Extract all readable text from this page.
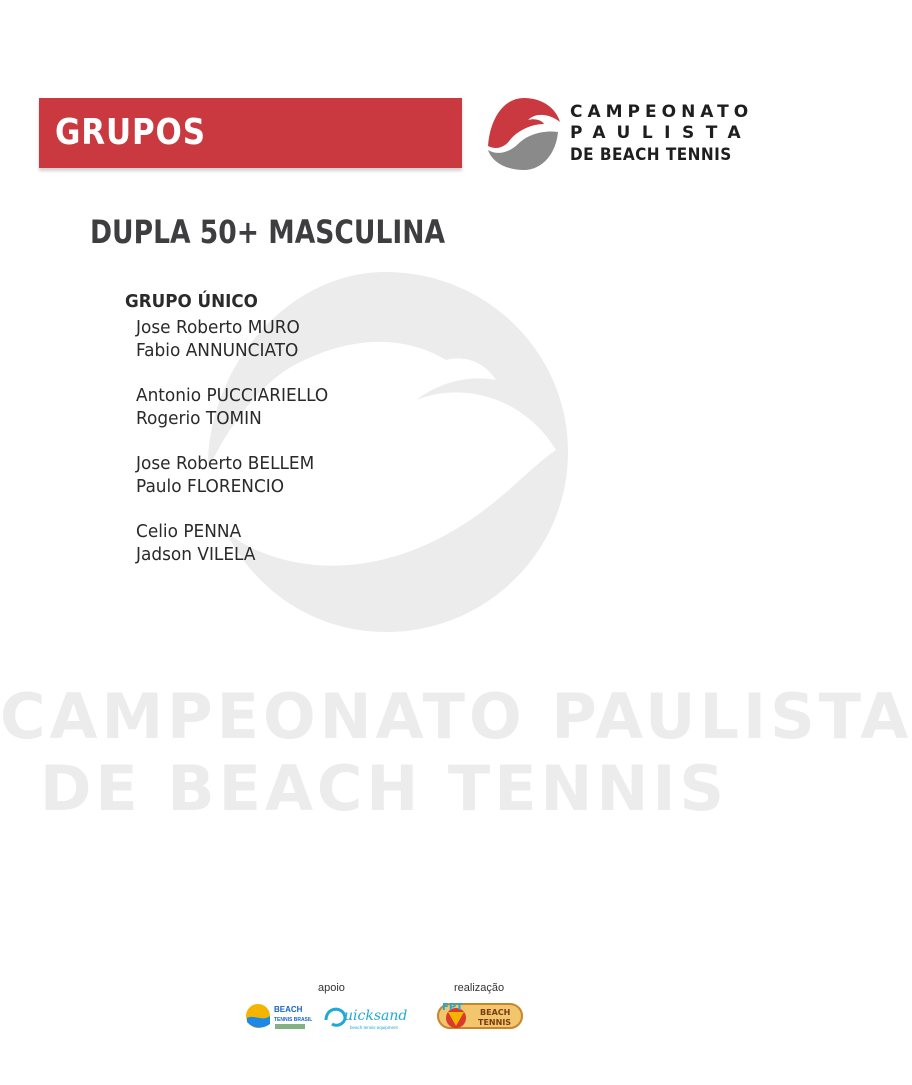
CAMPEONATO PAULISTA
DE BEACH TENNIS
GRUPOS	CAMPEONATO
PAULISTA
DE BEACH TENNIS
DUPLA 50+ MASCULINA
GRUPO ÚNICO
Jose Roberto MURO
Fabio ANNUNCIATO
Antonio PUCCIARIELLO
Rogerio TOMIN
Jose Roberto BELLEM
Paulo FLORENCIO
Celio PENNA
Jadson VILELA
apoio	realização
BEACH
TENNIS BRASIL uicksand
beach tennis equipment
FPT BEACH
TENNIS
